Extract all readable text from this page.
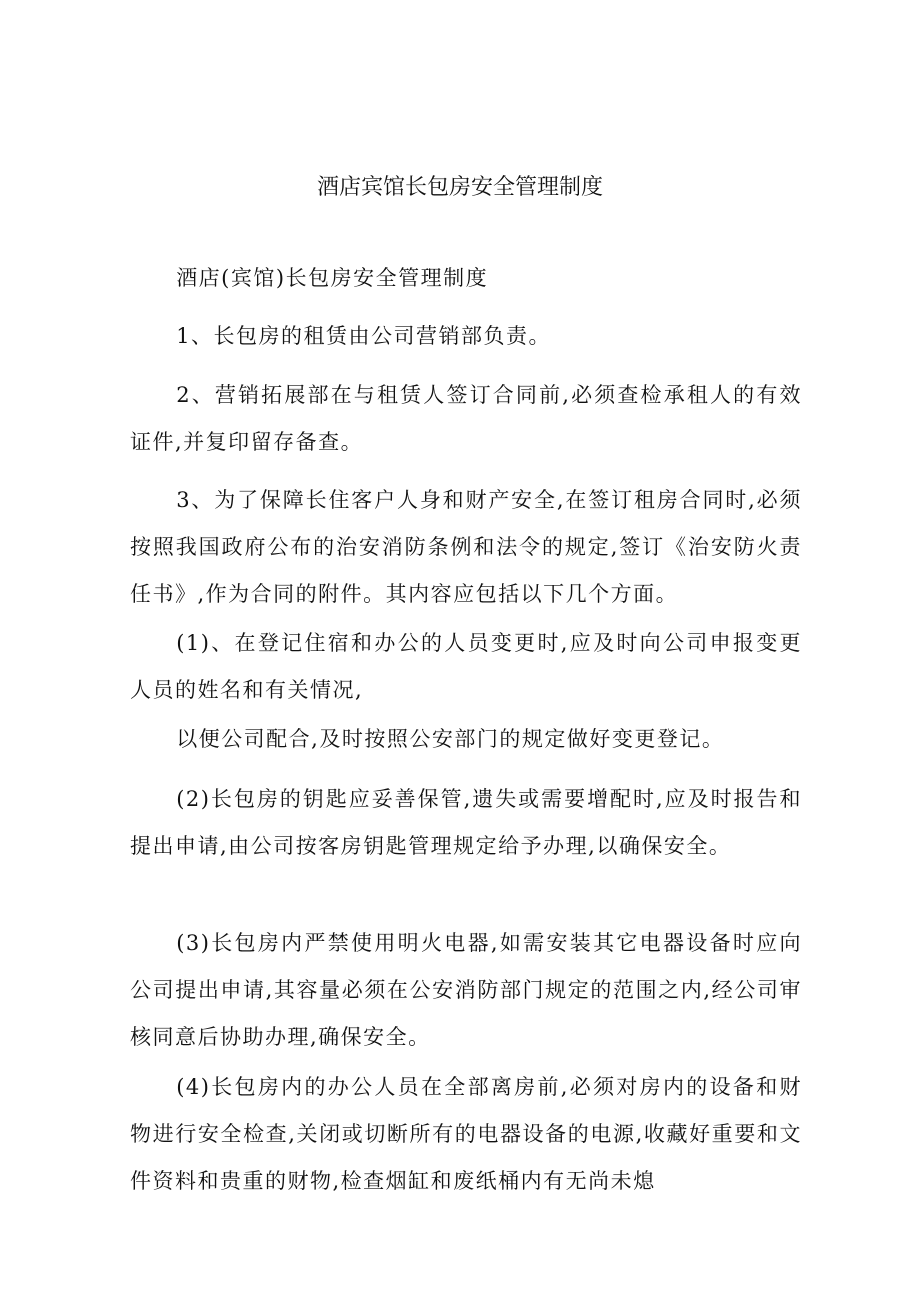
酒店宾馆长包房安全管理制度

酒店(宾馆)长包房安全管理制度

1、长包房的租赁由公司营销部负责。

2、营销拓展部在与租赁人签订合同前,必须查检承租人的有效证件,并复印留存备查。

3、为了保障长住客户人身和财产安全,在签订租房合同时,必须按照我国政府公布的治安消防条例和法令的规定,签订《治安防火责任书》,作为合同的附件。其内容应包括以下几个方面。

(1)、在登记住宿和办公的人员变更时,应及时向公司申报变更人员的姓名和有关情况,

以便公司配合,及时按照公安部门的规定做好变更登记。

(2)长包房的钥匙应妥善保管,遗失或需要增配时,应及时报告和提出申请,由公司按客房钥匙管理规定给予办理,以确保安全。

(3)长包房内严禁使用明火电器,如需安装其它电器设备时应向公司提出申请,其容量必须在公安消防部门规定的范围之内,经公司审核同意后协助办理,确保安全。

(4)长包房内的办公人员在全部离房前,必须对房内的设备和财物进行安全检查,关闭或切断所有的电器设备的电源,收藏好重要和文件资料和贵重的财物,检查烟缸和废纸桶内有无尚未熄
